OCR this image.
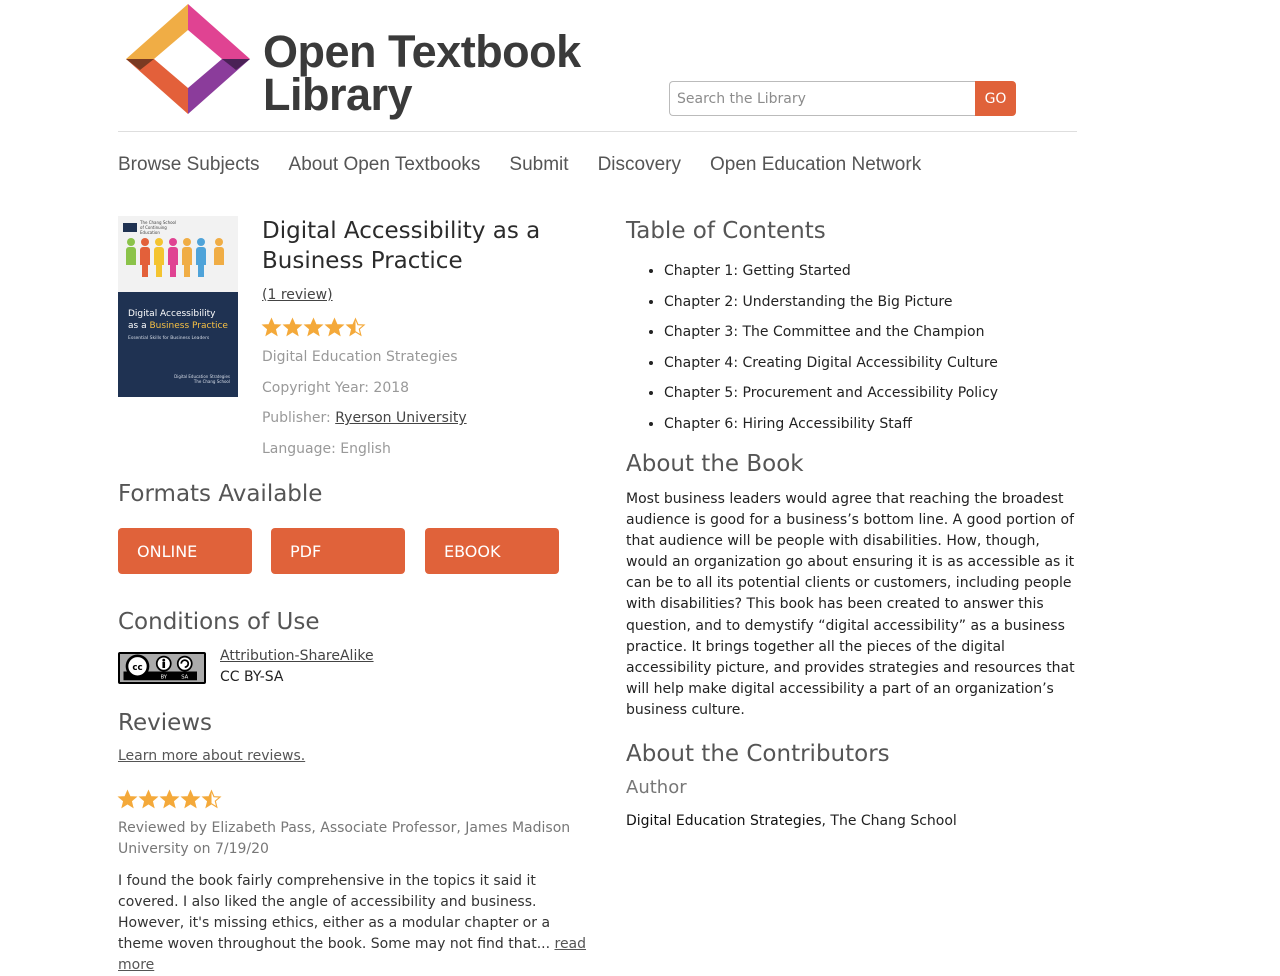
Open Textbook
Library
Search the Library	GO
Browse Subjects About Open Textbooks Submit Discovery Open Education Network
The Chang School of Continuing Education
Digital Accessibility
as a Business Practice
Essential Skills for Business Leaders
Digital Education Strategies
The Chang School
Digital Accessibility as a Business Practice
(1 review)
Digital Education Strategies
Copyright Year: 2018
Publisher: Ryerson University
Language: English
Formats Available
ONLINE	PDF	EBOOK
Conditions of Use
cc
BY SA
Attribution-ShareAlike
CC BY-SA
Reviews
Learn more about reviews.
Reviewed by Elizabeth Pass, Associate Professor, James Madison University on 7/19/20
I found the book fairly comprehensive in the topics it said it covered. I also liked the angle of accessibility and business. However, it's missing ethics, either as a modular chapter or a theme woven throughout the book. Some may not find that... read more
Table of Contents
• Chapter 1: Getting Started
• Chapter 2: Understanding the Big Picture
• Chapter 3: The Committee and the Champion
• Chapter 4: Creating Digital Accessibility Culture
• Chapter 5: Procurement and Accessibility Policy
• Chapter 6: Hiring Accessibility Staff
About the Book

Most business leaders would agree that reaching the broadest audience is good for a business’s bottom line. A good portion of that audience will be people with disabilities. How, though, would an organization go about ensuring it is as accessible as it can be to all its potential clients or customers, including people with disabilities? This book has been created to answer this question, and to demystify “digital accessibility” as a business practice. It brings together all the pieces of the digital accessibility picture, and provides strategies and resources that will help make digital accessibility a part of an organization’s business culture.

About the Contributors
Author
Digital Education Strategies, The Chang School
